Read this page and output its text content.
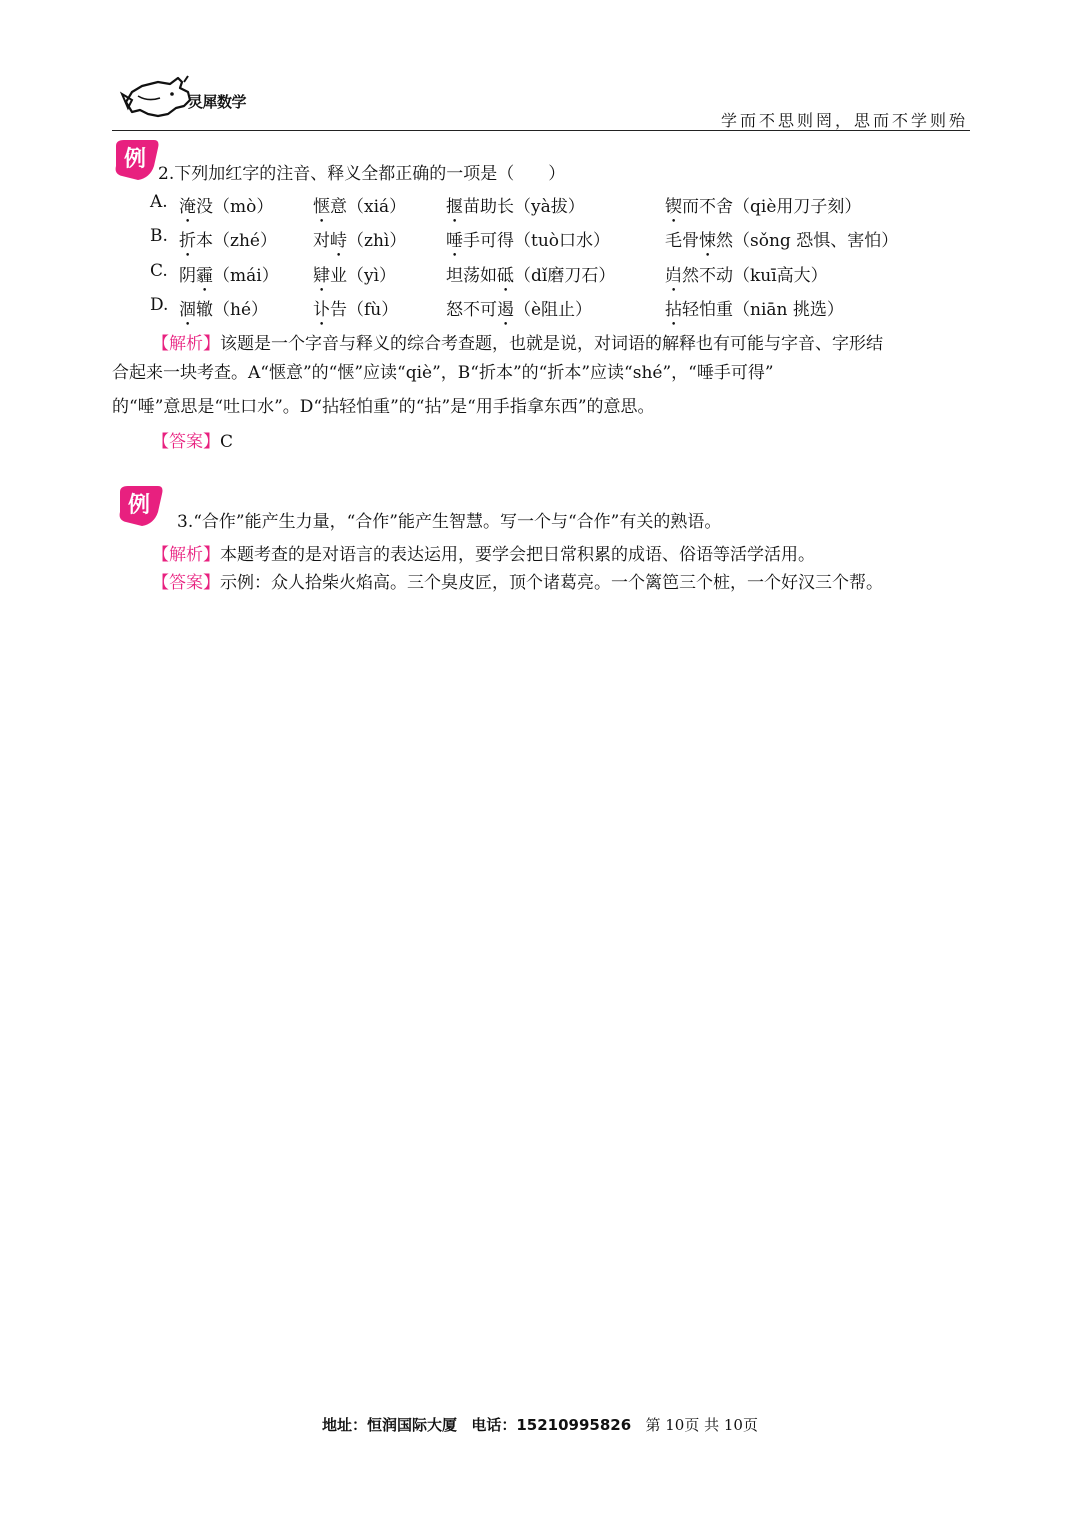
灵犀数学
学而不思则罔，思而不学则殆
例
2.下列加红字的注音、释义全都正确的一项是（　　）
A. 淹没（mò） 惬意（xiá） 揠苗助长（yà拔）	锲而不舍（qiè用刀子刻）
B. 折本（zhé） 对峙（zhì） 唾手可得（tuò口水）	毛骨悚然（sǒng 恐惧、害怕）
C. 阴霾（mái） 肄业（yì）	坦荡如砥（dǐ磨刀石）	岿然不动（kuī高大）
D. 涸辙（hé）	讣告（fù）	怒不可遏（è阻止）	拈轻怕重（niān 挑选）
【解析】该题是一个字音与释义的综合考查题，也就是说，对词语的解释也有可能与字音、字形结
合起来一块考查。A“惬意”的“惬”应读“qiè”，B“折本”的“折本”应读“shé”，“唾手可得”
的“唾”意思是“吐口水”。D“拈轻怕重”的“拈”是“用手指拿东西”的意思。
【答案】C
例
3.“合作”能产生力量，“合作”能产生智慧。写一个与“合作”有关的熟语。
【解析】本题考查的是对语言的表达运用，要学会把日常积累的成语、俗语等活学活用。
【答案】示例：众人拾柴火焰高。三个臭皮匠，顶个诸葛亮。一个篱笆三个桩，一个好汉三个帮。
地址：恒润国际大厦 电话：15210995826 第 10页 共 10页
